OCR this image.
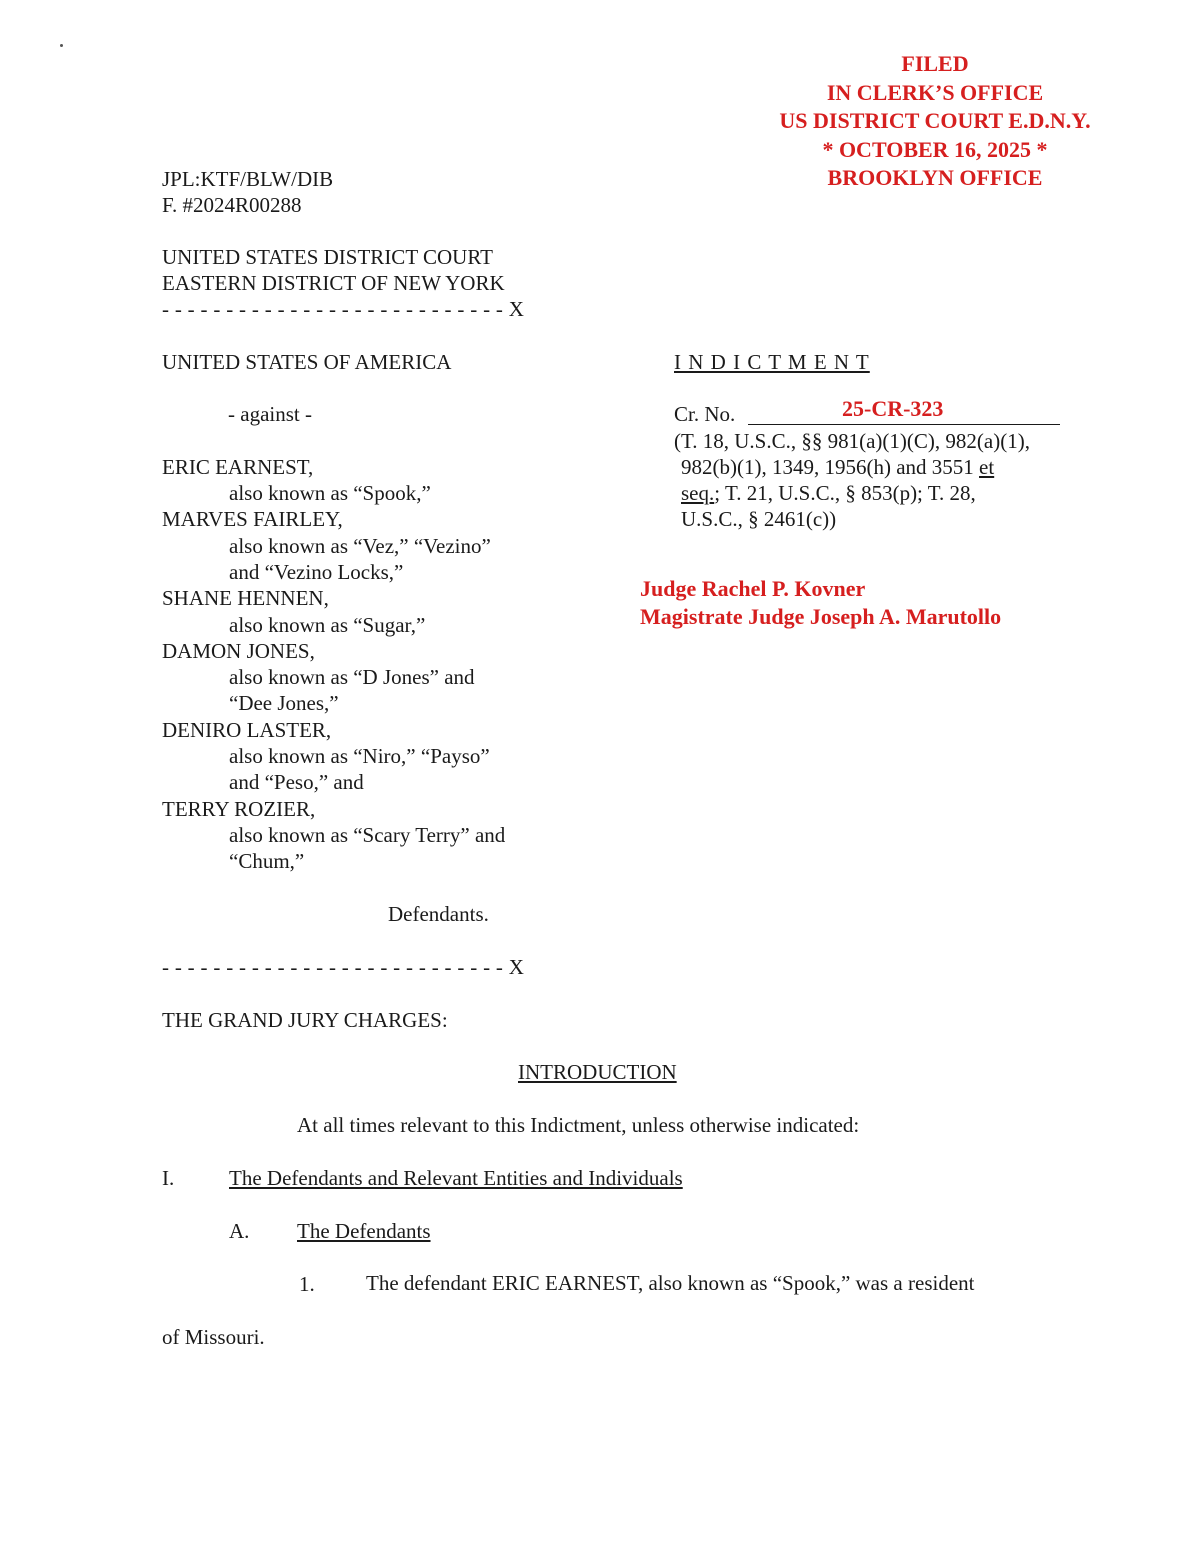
FILED
IN CLERK’S OFFICE
US DISTRICT COURT E.D.N.Y.
* OCTOBER 16, 2025 *
BROOKLYN OFFICE
JPL:KTF/BLW/DIB
F. #2024R00288
UNITED STATES DISTRICT COURT
EASTERN DISTRICT OF NEW YORK
- - - - - - - - - - - - - - - - - - - - - - - - - - - X
UNITED STATES OF AMERICA
- against -
ERIC EARNEST,
also known as “Spook,”
MARVES FAIRLEY,
also known as “Vez,” “Vezino”
and “Vezino Locks,”
SHANE HENNEN,
also known as “Sugar,”
DAMON JONES,
also known as “D Jones” and
“Dee Jones,”
DENIRO LASTER,
also known as “Niro,” “Payso”
and “Peso,” and
TERRY ROZIER,
also known as “Scary Terry” and
“Chum,”
Defendants.
- - - - - - - - - - - - - - - - - - - - - - - - - - - X
I N D I C T M E N T
Cr. No.	25-CR-323
(T. 18, U.S.C., §§ 981(a)(1)(C), 982(a)(1),
982(b)(1), 1349, 1956(h) and 3551 et
seq.; T. 21, U.S.C., § 853(p); T. 28,
U.S.C., § 2461(c))
Judge Rachel P. Kovner
Magistrate Judge Joseph A. Marutollo
THE GRAND JURY CHARGES:
INTRODUCTION
At all times relevant to this Indictment, unless otherwise indicated:
I.	The Defendants and Relevant Entities and Individuals
A. The Defendants
1. The defendant ERIC EARNEST, also known as “Spook,” was a resident
of Missouri.
